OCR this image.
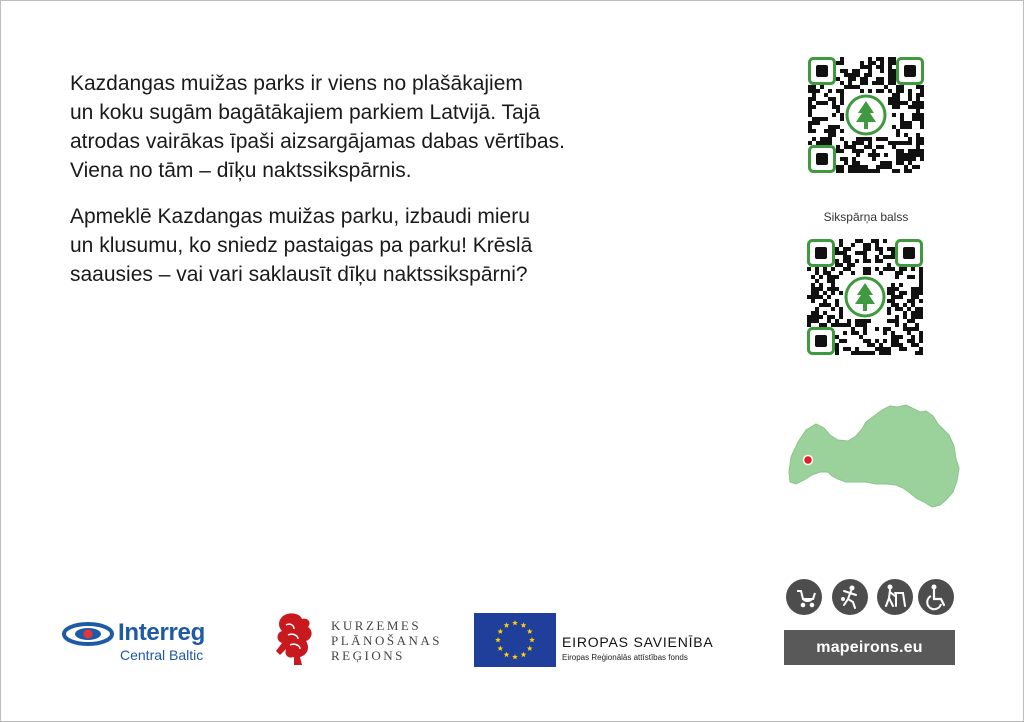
Kazdangas muižas parks ir viens no plašākajiem
un koku sugām bagātākajiem parkiem Latvijā. Tajā
atrodas vairākas īpaši aizsargājamas dabas vērtības.
Viena no tām – dīķu naktssikspārnis.

Apmeklē Kazdangas muižas parku, izbaudi mieru
un klusumu, ko sniedz pastaigas pa parku! Krēslā
saausies – vai vari saklausīt dīķu naktssikspārni?

Sikspārņa balss
mapeirons.eu
Interreg
Central Baltic
KURZEMES
PLĀNOŠANAS
REĢIONS
EIROPAS SAVIENĪBA
Eiropas Reģionālās attīstības fonds
